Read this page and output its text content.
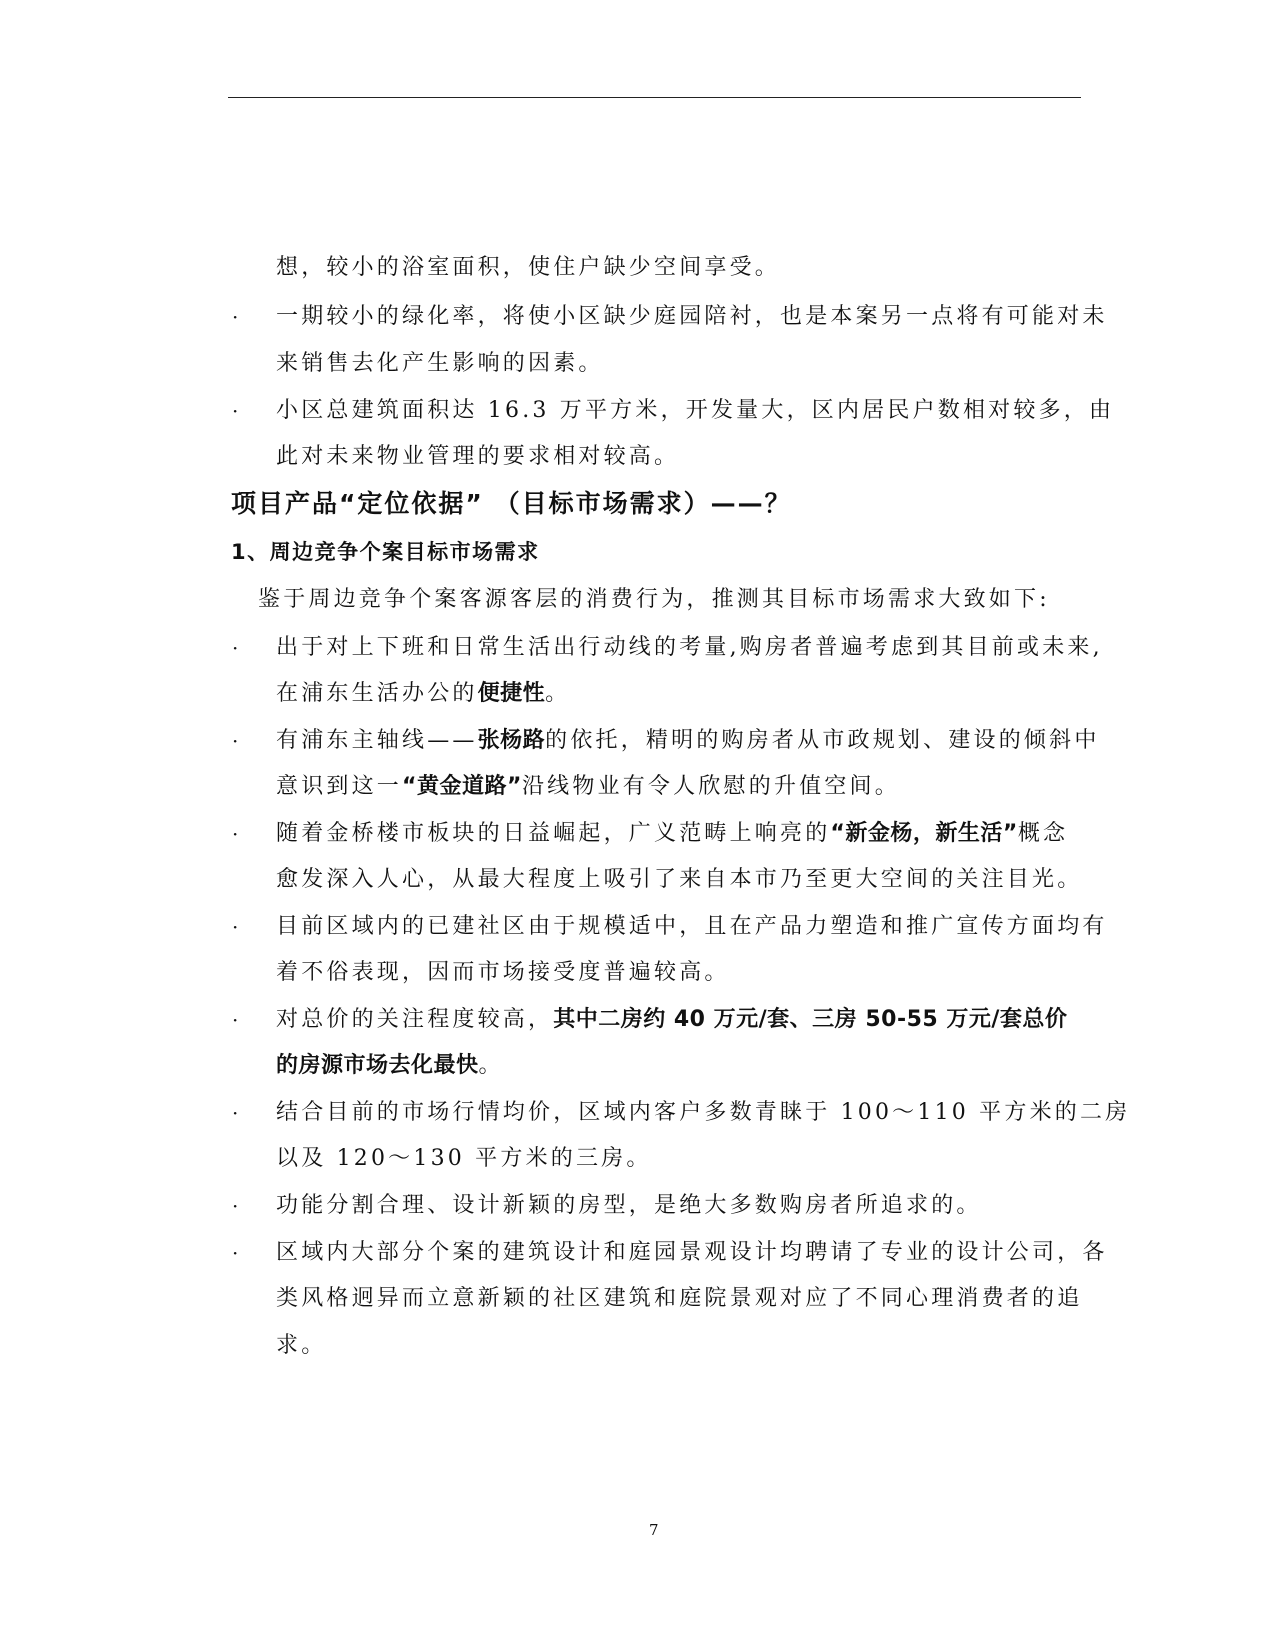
想，较小的浴室面积，使住户缺少空间享受。
· 一期较小的绿化率，将使小区缺少庭园陪衬，也是本案另一点将有可能对未
来销售去化产生影响的因素。
· 小区总建筑面积达 16.3 万平方米，开发量大，区内居民户数相对较多，由
此对未来物业管理的要求相对较高。
项目产品“定位依据” （目标市场需求）——？
1、周边竞争个案目标市场需求
鉴于周边竞争个案客源客层的消费行为，推测其目标市场需求大致如下:
· 出于对上下班和日常生活出行动线的考量,购房者普遍考虑到其目前或未来,
在浦东生活办公的便捷性。
· 有浦东主轴线——张杨路的依托，精明的购房者从市政规划、建设的倾斜中
意识到这一“黄金道路”沿线物业有令人欣慰的升值空间。
· 随着金桥楼市板块的日益崛起，广义范畴上响亮的“新金杨，新生活”概念
愈发深入人心，从最大程度上吸引了来自本市乃至更大空间的关注目光。
· 目前区域内的已建社区由于规模适中，且在产品力塑造和推广宣传方面均有
着不俗表现，因而市场接受度普遍较高。
· 对总价的关注程度较高，其中二房约 40 万元/套、三房 50-55 万元/套总价
的房源市场去化最快。
· 结合目前的市场行情均价，区域内客户多数青睐于 100～110 平方米的二房
以及 120～130 平方米的三房。
· 功能分割合理、设计新颖的房型，是绝大多数购房者所追求的。
· 区域内大部分个案的建筑设计和庭园景观设计均聘请了专业的设计公司，各
类风格迥异而立意新颖的社区建筑和庭院景观对应了不同心理消费者的追
求。
7
